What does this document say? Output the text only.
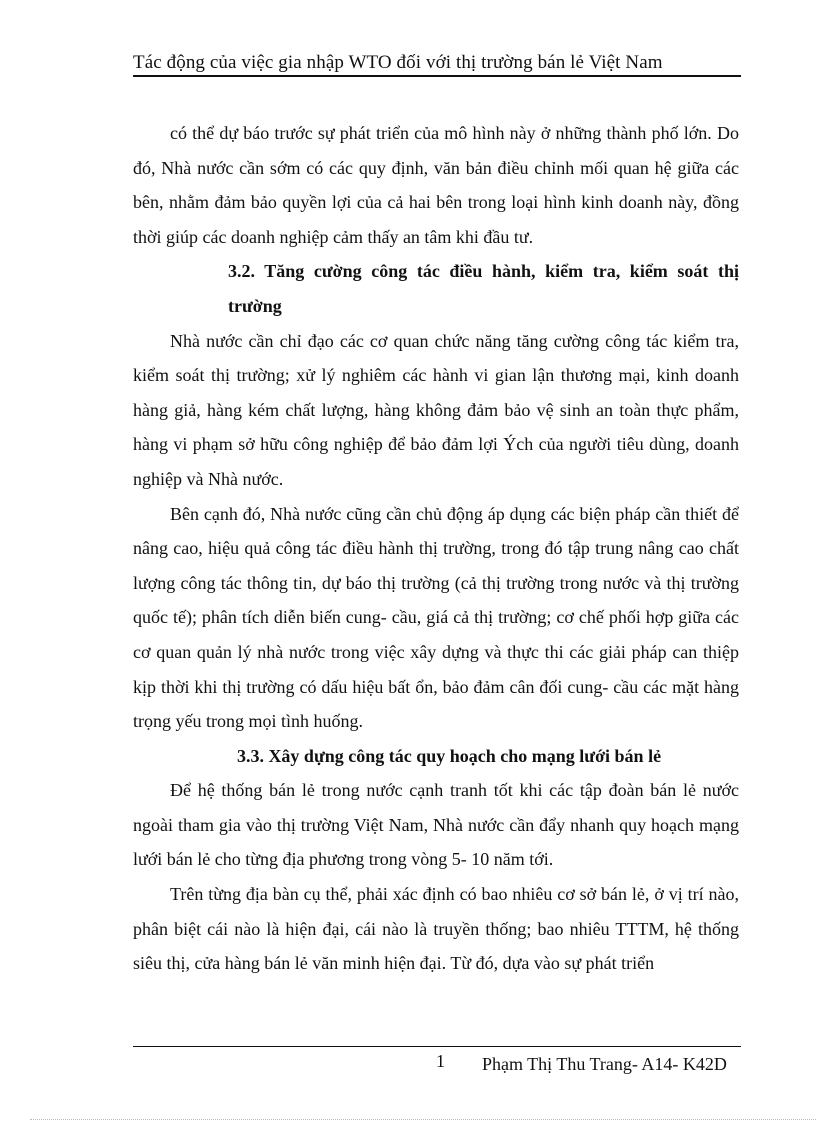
Tác động của việc gia nhập WTO đối với thị trường bán lẻ Việt Nam

có thể dự báo trước sự phát triển của mô hình này ở những thành phố lớn. Do đó, Nhà nước cần sớm có các quy định, văn bản điều chỉnh mối quan hệ giữa các bên, nhằm đảm bảo quyền lợi của cả hai bên trong loại hình kinh doanh này, đồng thời giúp các doanh nghiệp cảm thấy an tâm khi đầu tư.

3.2. Tăng cường công tác điều hành, kiểm tra, kiểm soát thị trường

Nhà nước cần chỉ đạo các cơ quan chức năng tăng cường công tác kiểm tra, kiểm soát thị trường; xử lý nghiêm các hành vi gian lận thương mại, kinh doanh hàng giả, hàng kém chất lượng, hàng không đảm bảo vệ sinh an toàn thực phẩm, hàng vi phạm sở hữu công nghiệp để bảo đảm lợi Ých của người tiêu dùng, doanh nghiệp và Nhà nước.

Bên cạnh đó, Nhà nước cũng cần chủ động áp dụng các biện pháp cần thiết để nâng cao, hiệu quả công tác điều hành thị trường, trong đó tập trung nâng cao chất lượng công tác thông tin, dự báo thị trường (cả thị trường trong nước và thị trường quốc tế); phân tích diễn biến cung- cầu, giá cả thị trường; cơ chế phối hợp giữa các cơ quan quản lý nhà nước trong việc xây dựng và thực thi các giải pháp can thiệp kịp thời khi thị trường có dấu hiệu bất ổn, bảo đảm cân đối cung- cầu các mặt hàng trọng yếu trong mọi tình huống.

3.3. Xây dựng công tác quy hoạch cho mạng lưới bán lẻ

Để hệ thống bán lẻ trong nước cạnh tranh tốt khi các tập đoàn bán lẻ nước ngoài tham gia vào thị trường Việt Nam, Nhà nước cần đẩy nhanh quy hoạch mạng lưới bán lẻ cho từng địa phương trong vòng 5- 10 năm tới.

Trên từng địa bàn cụ thể, phải xác định có bao nhiêu cơ sở bán lẻ, ở vị trí nào, phân biệt cái nào là hiện đại, cái nào là truyền thống; bao nhiêu TTTM, hệ thống siêu thị, cửa hàng bán lẻ văn minh hiện đại. Từ đó, dựa vào sự phát triển

1 Phạm Thị Thu Trang- A14- K42D
